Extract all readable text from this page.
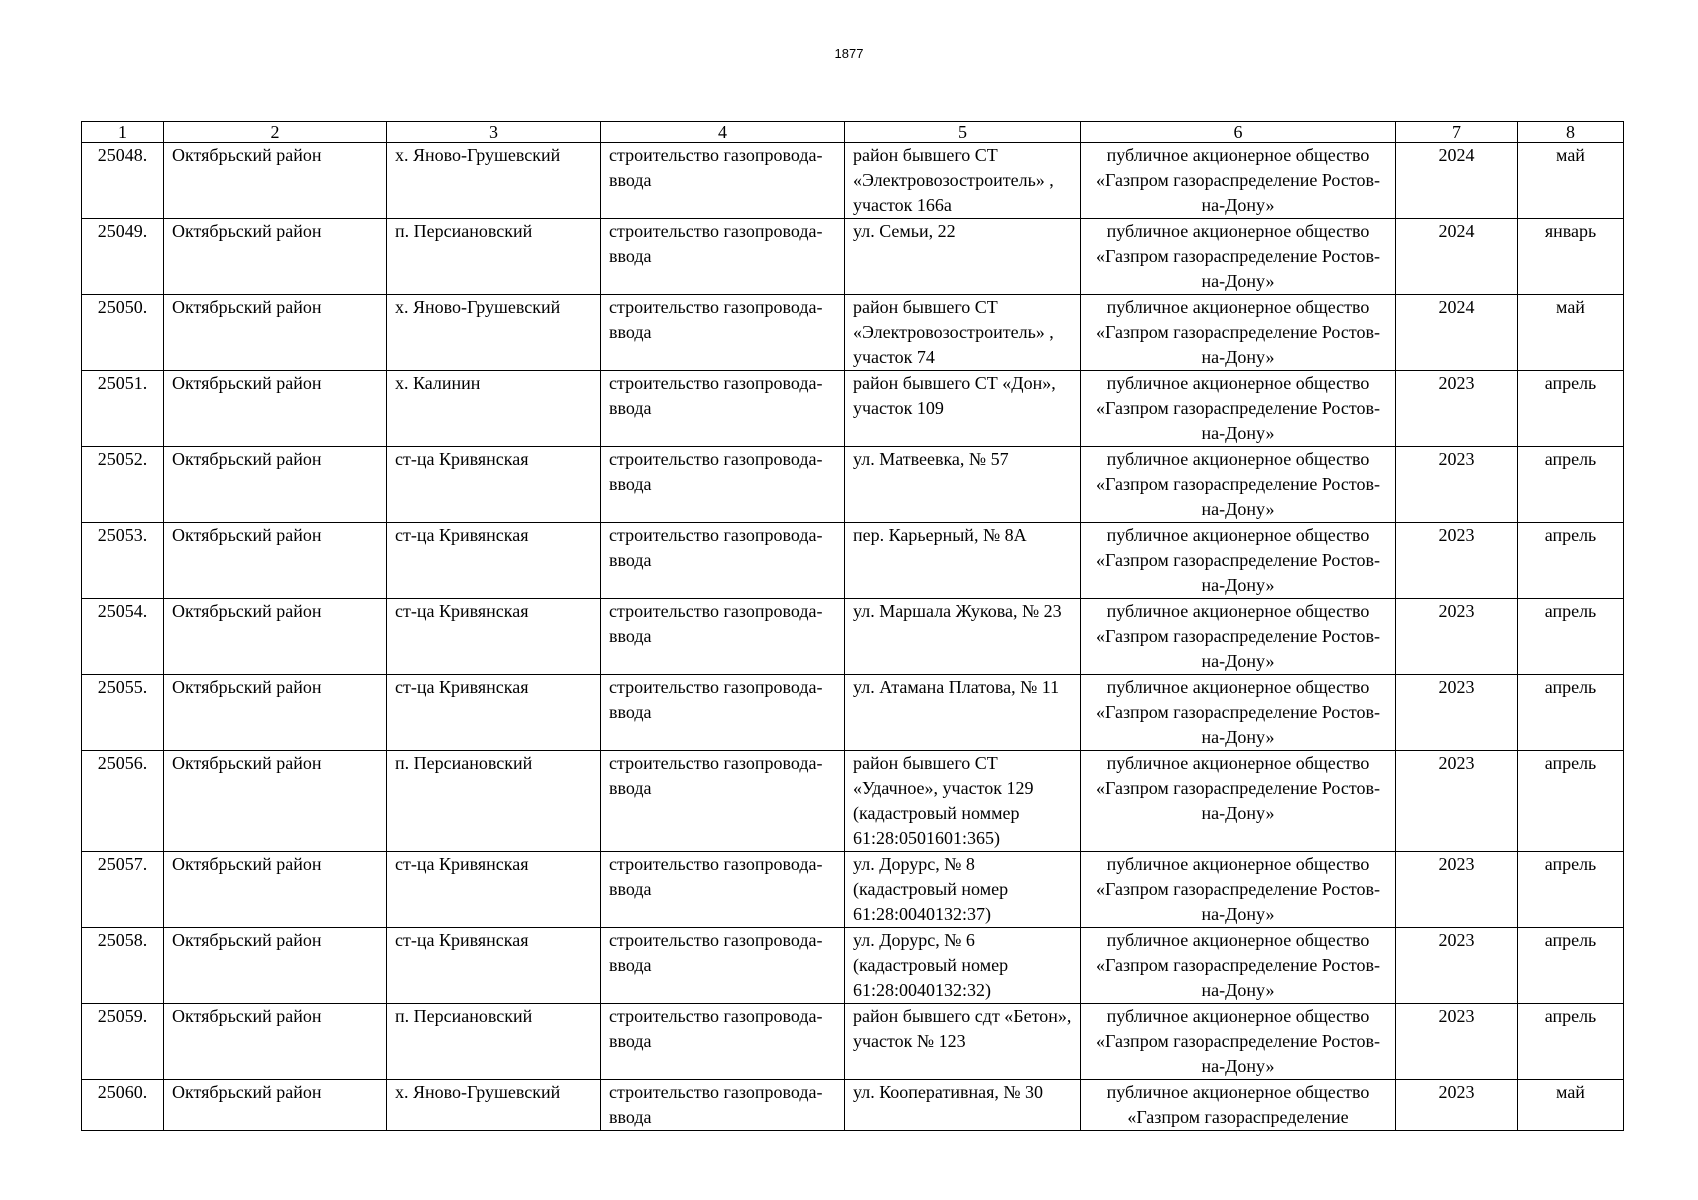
1877
1	2	3	4	5	6	7	8
25048.	Октябрьский район	х. Яново-Грушевский	строительство газопровода-ввода	район бывшего СТ «Электровозостроитель» , участок 166а	публичное акционерное общество «Газпром газораспределение Ростов-на-Дону»	2024	май
25049.	Октябрьский район	п. Персиановский	строительство газопровода-ввода	ул. Семьи, 22	публичное акционерное общество «Газпром газораспределение Ростов-на-Дону»	2024	январь
25050.	Октябрьский район	х. Яново-Грушевский	строительство газопровода-ввода	район бывшего СТ «Электровозостроитель» , участок 74	публичное акционерное общество «Газпром газораспределение Ростов-на-Дону»	2024	май
25051.	Октябрьский район	х. Калинин	строительство газопровода-ввода	район бывшего СТ «Дон», участок 109	публичное акционерное общество «Газпром газораспределение Ростов-на-Дону»	2023	апрель
25052.	Октябрьский район	ст-ца Кривянская	строительство газопровода-ввода	ул. Матвеевка, № 57	публичное акционерное общество «Газпром газораспределение Ростов-на-Дону»	2023	апрель
25053.	Октябрьский район	ст-ца Кривянская	строительство газопровода-ввода	пер. Карьерный, № 8А	публичное акционерное общество «Газпром газораспределение Ростов-на-Дону»	2023	апрель
25054.	Октябрьский район	ст-ца Кривянская	строительство газопровода-ввода	ул. Маршала Жукова, № 23	публичное акционерное общество «Газпром газораспределение Ростов-на-Дону»	2023	апрель
25055.	Октябрьский район	ст-ца Кривянская	строительство газопровода-ввода	ул. Атамана Платова, № 11	публичное акционерное общество «Газпром газораспределение Ростов-на-Дону»	2023	апрель
25056.	Октябрьский район	п. Персиановский	строительство газопровода-ввода	район бывшего СТ «Удачное», участок 129 (кадастровый номмер 61:28:0501601:365)	публичное акционерное общество «Газпром газораспределение Ростов-на-Дону»	2023	апрель
25057.	Октябрьский район	ст-ца Кривянская	строительство газопровода-ввода	ул. Дорурс, № 8 (кадастровый номер 61:28:0040132:37)	публичное акционерное общество «Газпром газораспределение Ростов-на-Дону»	2023	апрель
25058.	Октябрьский район	ст-ца Кривянская	строительство газопровода-ввода	ул. Дорурс, № 6 (кадастровый номер 61:28:0040132:32)	публичное акционерное общество «Газпром газораспределение Ростов-на-Дону»	2023	апрель
25059.	Октябрьский район	п. Персиановский	строительство газопровода-ввода	район бывшего сдт «Бетон», участок № 123	публичное акционерное общество «Газпром газораспределение Ростов-на-Дону»	2023	апрель
25060.	Октябрьский район	х. Яново-Грушевский	строительство газопровода-ввода	ул. Кооперативная, № 30	публичное акционерное общество «Газпром газораспределение	2023	май
